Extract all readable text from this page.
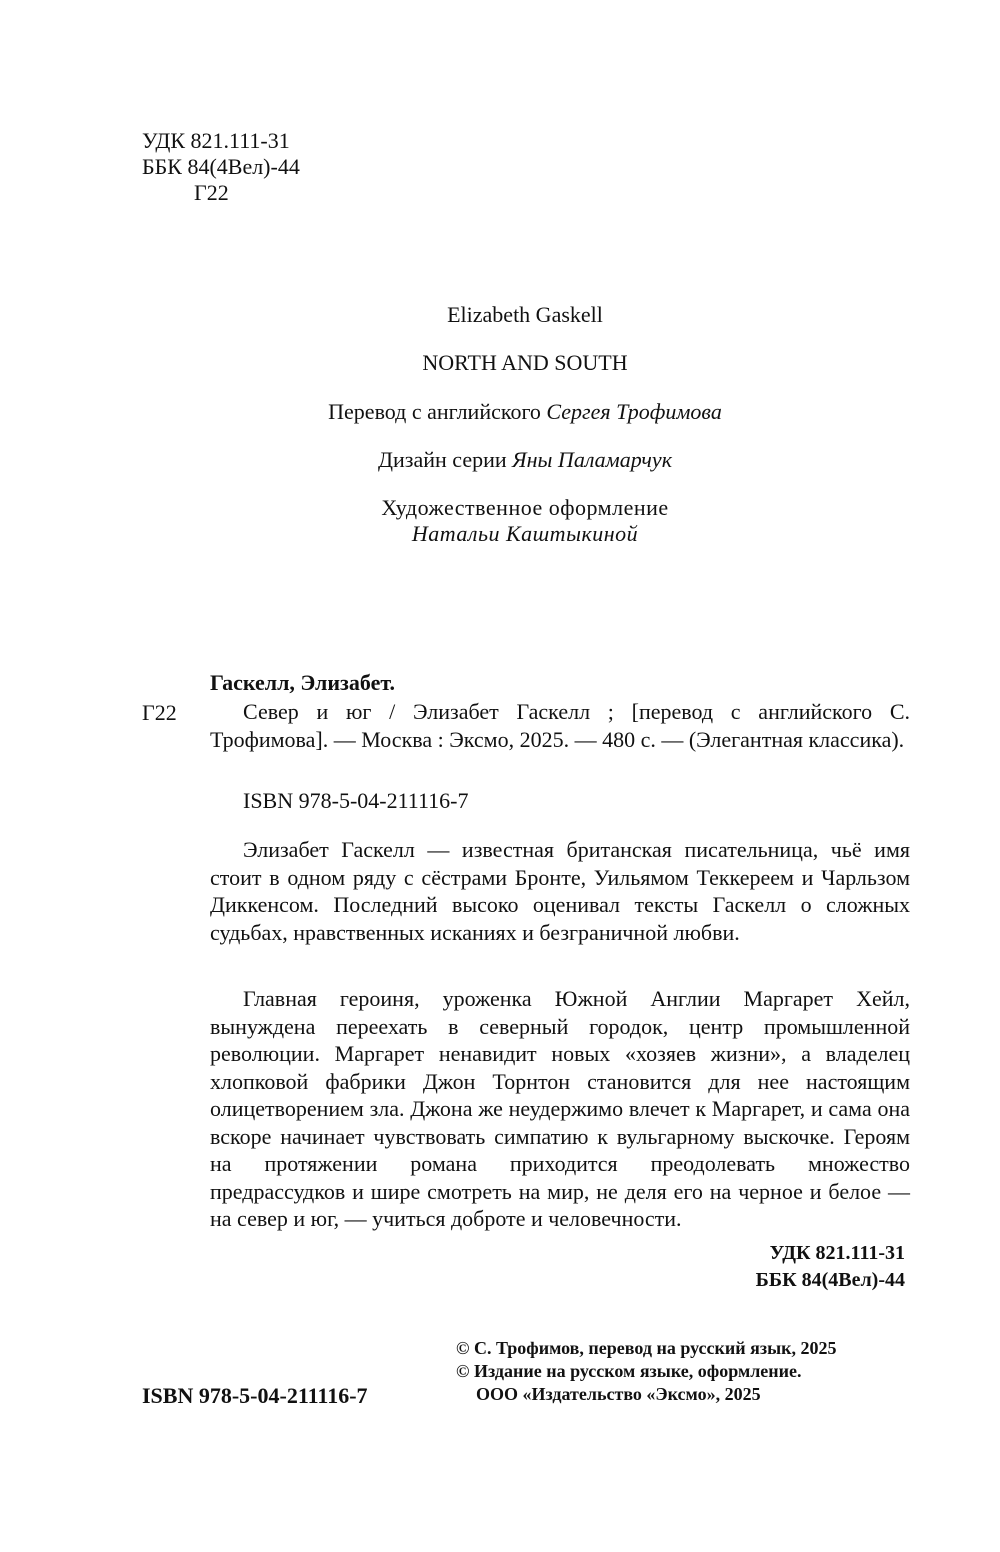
УДК 821.111-31
ББК 84(4Вел)-44
Г22
Elizabeth Gaskell
NORTH AND SOUTH
Перевод с английского Сергея Трофимова
Дизайн серии Яны Паламарчук
Художественное оформление
Натальи Каштыкиной
Гаскелл, Элизабет.
Г22	Север и юг / Элизабет Гаскелл ; [перевод с английского С. Трофимова]. — Москва : Эксмо, 2025. — 480 с. — (Элегантная классика).
ISBN 978-5-04-211116-7
Элизабет Гаскелл — известная британская писательница, чьё имя стоит в одном ряду с сёстрами Бронте, Уильямом Теккереем и Чарльзом Диккенсом. Последний высоко оценивал тексты Гаскелл о сложных судьбах, нравственных исканиях и безграничной любви.
Главная героиня, уроженка Южной Англии Маргарет Хейл, вынуждена переехать в северный городок, центр промышленной революции. Маргарет ненавидит новых «хозяев жизни», а владелец хлопковой фабрики Джон Торнтон становится для нее настоящим олицетворением зла. Джона же неудержимо влечет к Маргарет, и сама она вскоре начинает чувствовать симпатию к вульгарному выскочке. Героям на протяжении романа приходится преодолевать множество предрассудков и шире смотреть на мир, не деля его на черное и белое — на север и юг, — учиться доброте и человечности.
УДК 821.111-31
ББК 84(4Вел)-44
ISBN 978-5-04-211116-7
© С. Трофимов, перевод на русский язык, 2025
© Издание на русском языке, оформление.
ООО «Издательство «Эксмо», 2025
